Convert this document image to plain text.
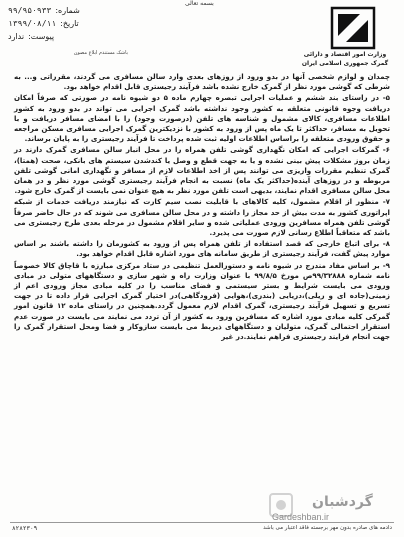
بسمه تعالی
شماره:
۹۹/۹۵۰۹۳۳
تاریخ:
۱۳۹۹/۰۸/۱۱
پیوست:
ندارد
باشک مستندم ابلاغ مصون	وزارت امور اقتصاد و دارائی
گمرک جمهوری اسلامی ایران

چمدان و لوازم شخصی آنها در بدو ورود از روزهای بعدی وارد سالن مسافری می گردند، مقرراتی و... به شرطی که گوشی مورد نظر از گمرک خارج نشده باشد فرآیند رجیستری قابل اقدام خواهد بود.

۵- در راستای بند ششم و عملیات اجرایی تبصره چهارم ماده ۵ دو شیوه نامه در صورتی که صرفاً امکان دریافت وجوه قانونی متعلقه به کشور وجود نداشته باشد گمرک اجرایی می تواند در بدو ورود به کشور اطلاعات مسافری، کالای مشمول و شناسه های تلفن (درصورت وجود) را با امضای مسافر دریافت و با تحویل به مسافر، حداکثر تا یک ماه پس از ورود به کشور با نزدیکترین گمرک اجرایی مسافری مسکن مراجعه و حقوق ورودی متعلقه را براساس اطلاعات اولیه ثبت شده پرداخت تا فرآیند رجیستری را به پایان برساند.

۶- گمرکات اجرایی که امکان نگهداری گوشی تلفن همراه را در محل انبار سالن مسافری گمرک دارند در زمان بروز مشکلات پیش بینی نشده و یا به جهت قطع و وصل یا کندشدن سیستم های بانکی، صحت (همتا)، گمرک تنظیم مقررات واریزی می توانند پس از اخذ اطلاعات لازم از مسافر و نگهداری امانی گوشی تلفن مربوطه و در روزهای آینده(حداکثر یک ماه) نسبت به انجام فرآیند رجیستری گوشی مورد نظر و در همان محل سالن مسافری اقدام نمایند، بدیهی است تلفن مورد نظر به هیچ عنوان نمی بایست از گمرک خارج شود.

۷- منظور از اقلام مشمول، کلیه کالاهای با قابلیت نصب سیم کارت که نیازمند دریافت خدمات از شبکه اپراتوری کشور به مدت بیش از حد مجاز را داشته و در محل سالن مسافری می شوند که در حال حاضر صرفاً گوشی تلفن همراه مسافرین ورودی عملیاتی شده و سایر اقلام مشمول در مرحله بعدی طرح رجیستری می باشد که متعاقباً اطلاع رسانی لازم صورت می پذیرد.

۸- برای اتباع خارجی که قصد استفاده از تلفن همراه پس از ورود به کشورمان را داشته باشند بر اساس موارد پیش گفت، فرآیند رجیستری از طریق سامانه های مورد اشاره قابل اقدام خواهد بود.

۹- بر اساس مفاد مندرج در شیوه نامه و دستورالعمل تنظیمی در ستاد مرکزی مبارزه با قاچاق کالا خصوصاً نامه شماره ۹۹/۳۲۸۸۸ص مورخ ۹۹/۸/۵ با عنوان وزارت راه و شهر سازی و دستگاههای متولی در مبادی ورودی می بایست شرایط و بستر سیستمی و فضای مناسب را در کلیه مبادی مجاز ورودی اعم از زمینی(جاده ای و ریلی)،دریایی (بندری)،هوایی (فرودگاهی)در اختیار گمرک اجرایی قرار داده تا در جهت تسریع و تسهیل فرآیند رجیستری، گمرک اقدام لازم معمول گردد.همچنین در راستای ماده ۱۲ قانون امور گمرکی کلیه مبادی مورد اشاره که مسافرین ورود به کشور از آن تردد می نمایند می بایست در صورت عدم استقرار احتمالی گمرک، متولیان و دستگاههای ذیربط می بایست سازوکار و فضا ومحل استقرار گمرک را جهت انجام فرایند رجیستری فراهم نمایند.در غیر

گردشبان
Gardeshban.ir
۸۲۸۲۳۰۹	دادمه های صادره بدون مهر برجسته فاقد اعتبار می باشد
